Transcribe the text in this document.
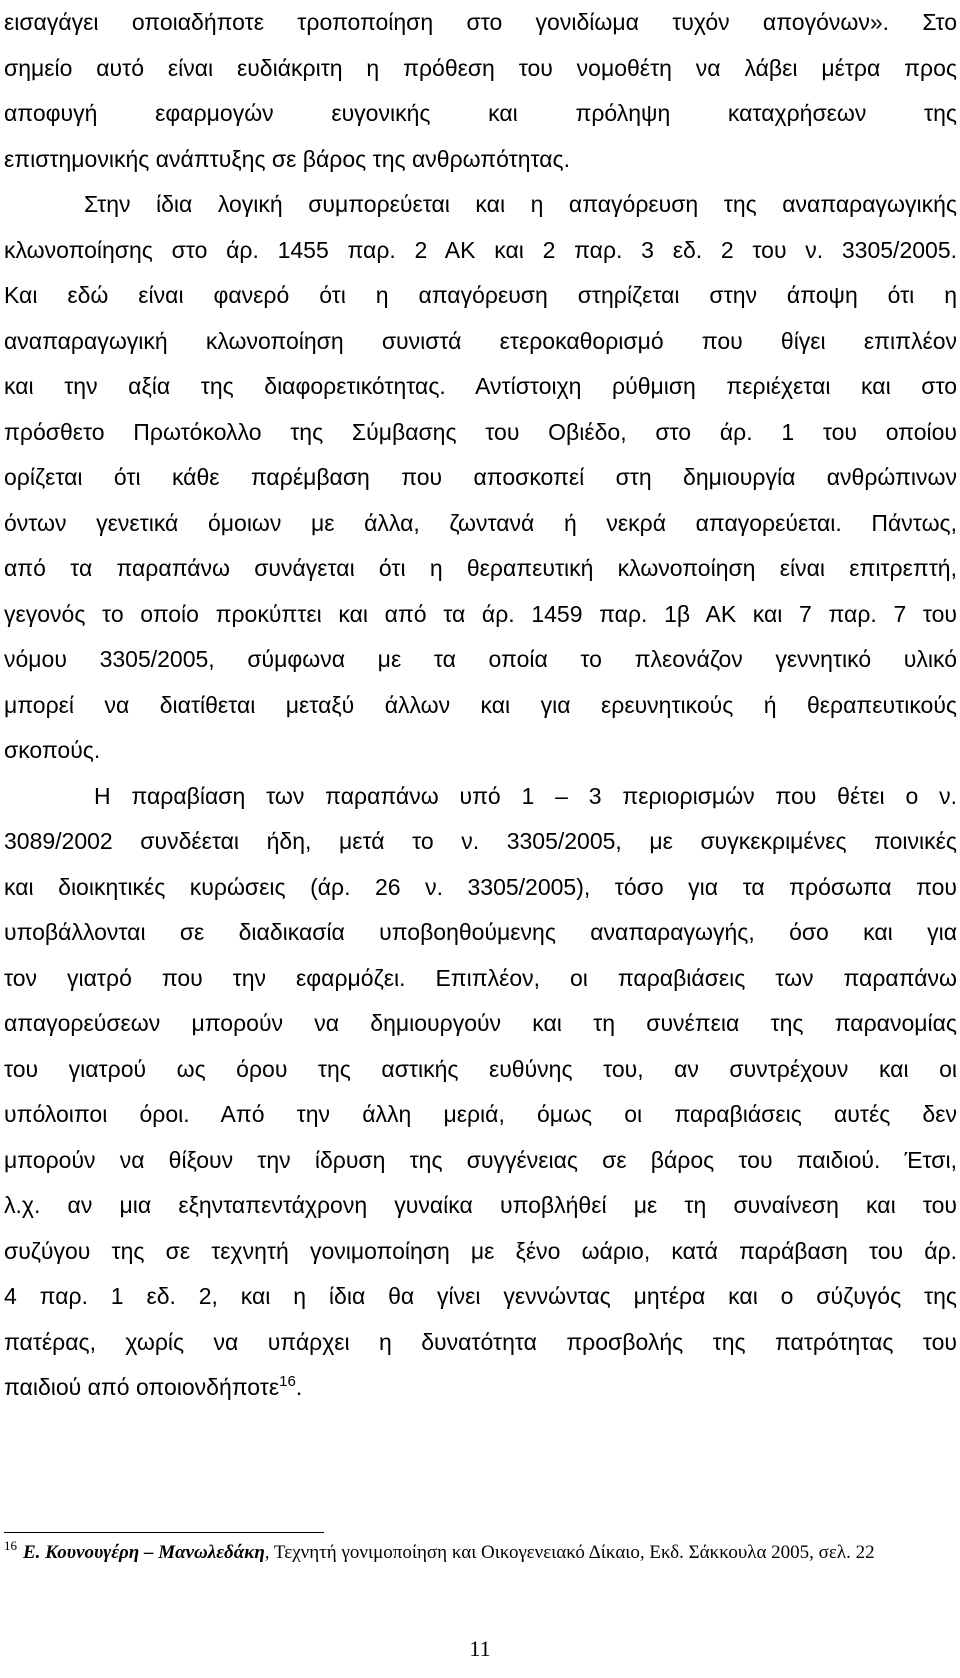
εισαγάγει οποιαδήποτε τροποποίηση στο γονιδίωμα τυχόν απογόνων». Στο
σημείο αυτό είναι ευδιάκριτη η πρόθεση του νομοθέτη να λάβει μέτρα προς
αποφυγή εφαρμογών ευγονικής και πρόληψη καταχρήσεων της
επιστημονικής ανάπτυξης σε βάρος της ανθρωπότητας.
Στην ίδια λογική συμπορεύεται και η απαγόρευση της αναπαραγωγικής
κλωνοποίησης στο άρ. 1455 παρ. 2 ΑΚ και 2 παρ. 3 εδ. 2 του ν. 3305/2005.
Και εδώ είναι φανερό ότι η απαγόρευση στηρίζεται στην άποψη ότι η
αναπαραγωγική κλωνοποίηση συνιστά ετεροκαθορισμό που θίγει επιπλέον
και την αξία της διαφορετικότητας. Αντίστοιχη ρύθμιση περιέχεται και στο
πρόσθετο Πρωτόκολλο της Σύμβασης του Οβιέδο, στο άρ. 1 του οποίου
ορίζεται ότι κάθε παρέμβαση που αποσκοπεί στη δημιουργία ανθρώπινων
όντων γενετικά όμοιων με άλλα, ζωντανά ή νεκρά απαγορεύεται. Πάντως,
από τα παραπάνω συνάγεται ότι η θεραπευτική κλωνοποίηση είναι επιτρεπτή,
γεγονός το οποίο προκύπτει και από τα άρ. 1459 παρ. 1β ΑΚ και 7 παρ. 7 του
νόμου 3305/2005, σύμφωνα με τα οποία το πλεονάζον γεννητικό υλικό
μπορεί να διατίθεται μεταξύ άλλων και για ερευνητικούς ή θεραπευτικούς
σκοπούς.
Η παραβίαση των παραπάνω υπό 1 – 3 περιορισμών που θέτει ο ν.
3089/2002 συνδέεται ήδη, μετά το ν. 3305/2005, με συγκεκριμένες ποινικές
και διοικητικές κυρώσεις (άρ. 26 ν. 3305/2005), τόσο για τα πρόσωπα που
υποβάλλονται σε διαδικασία υποβοηθούμενης αναπαραγωγής, όσο και για
τον γιατρό που την εφαρμόζει. Επιπλέον, οι παραβιάσεις των παραπάνω
απαγορεύσεων μπορούν να δημιουργούν και τη συνέπεια της παρανομίας
του γιατρού ως όρου της αστικής ευθύνης του, αν συντρέχουν και οι
υπόλοιποι όροι. Από την άλλη μεριά, όμως οι παραβιάσεις αυτές δεν
μπορούν να θίξουν την ίδρυση της συγγένειας σε βάρος του παιδιού. Έτσι,
λ.χ. αν μια εξηνταπεντάχρονη γυναίκα υποβλήθεί με τη συναίνεση και του
συζύγου της σε τεχνητή γονιμοποίηση με ξένο ωάριο, κατά παράβαση του άρ.
4 παρ. 1 εδ. 2, και η ίδια θα γίνει γεννώντας μητέρα και ο σύζυγός της
πατέρας, χωρίς να υπάρχει η δυνατότητα προσβολής της πατρότητας του
παιδιού από οποιονδήποτε$^{16}$.
$^{16}$ Ε. Κουνουγέρη – Μανωλεδάκη, Τεχνητή γονιμοποίηση και Οικογενειακό Δίκαιο, Εκδ. Σάκκουλα 2005, σελ. 22
11
